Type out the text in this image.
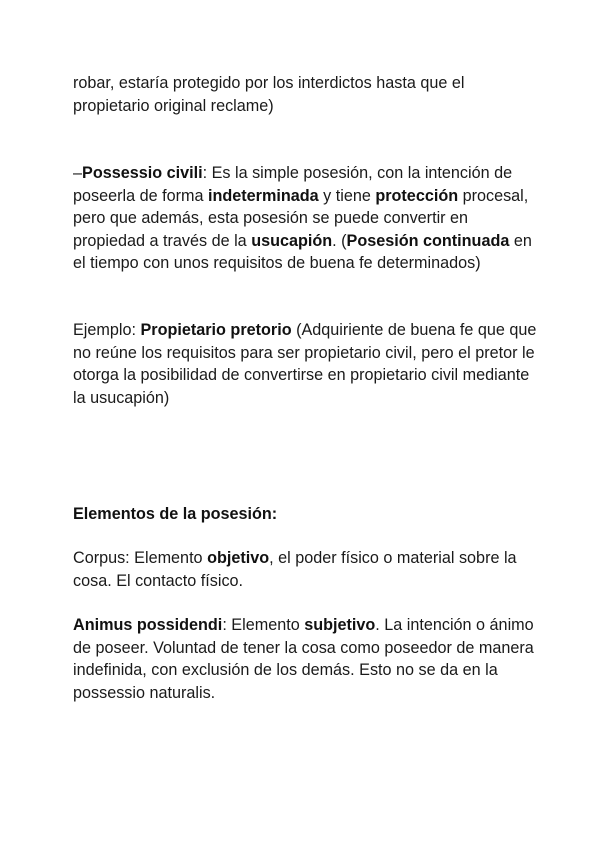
robar, estaría protegido por los interdictos hasta que el propietario original reclame)

–Possessio civili: Es la simple posesión, con la intención de poseerla de forma indeterminada y tiene protección procesal, pero que además, esta posesión se puede convertir en propiedad a través de la usucapión. (Posesión continuada en el tiempo con unos requisitos de buena fe determinados)

Ejemplo: Propietario pretorio (Adquiriente de buena fe que que no reúne los requisitos para ser propietario civil, pero el pretor le otorga la posibilidad de convertirse en propietario civil mediante la usucapión)

Elementos de la posesión:

Corpus: Elemento objetivo, el poder físico o material sobre la cosa. El contacto físico.

Animus possidendi: Elemento subjetivo. La intención o ánimo de poseer. Voluntad de tener la cosa como poseedor de manera indefinida, con exclusión de los demás. Esto no se da en la possessio naturalis.
